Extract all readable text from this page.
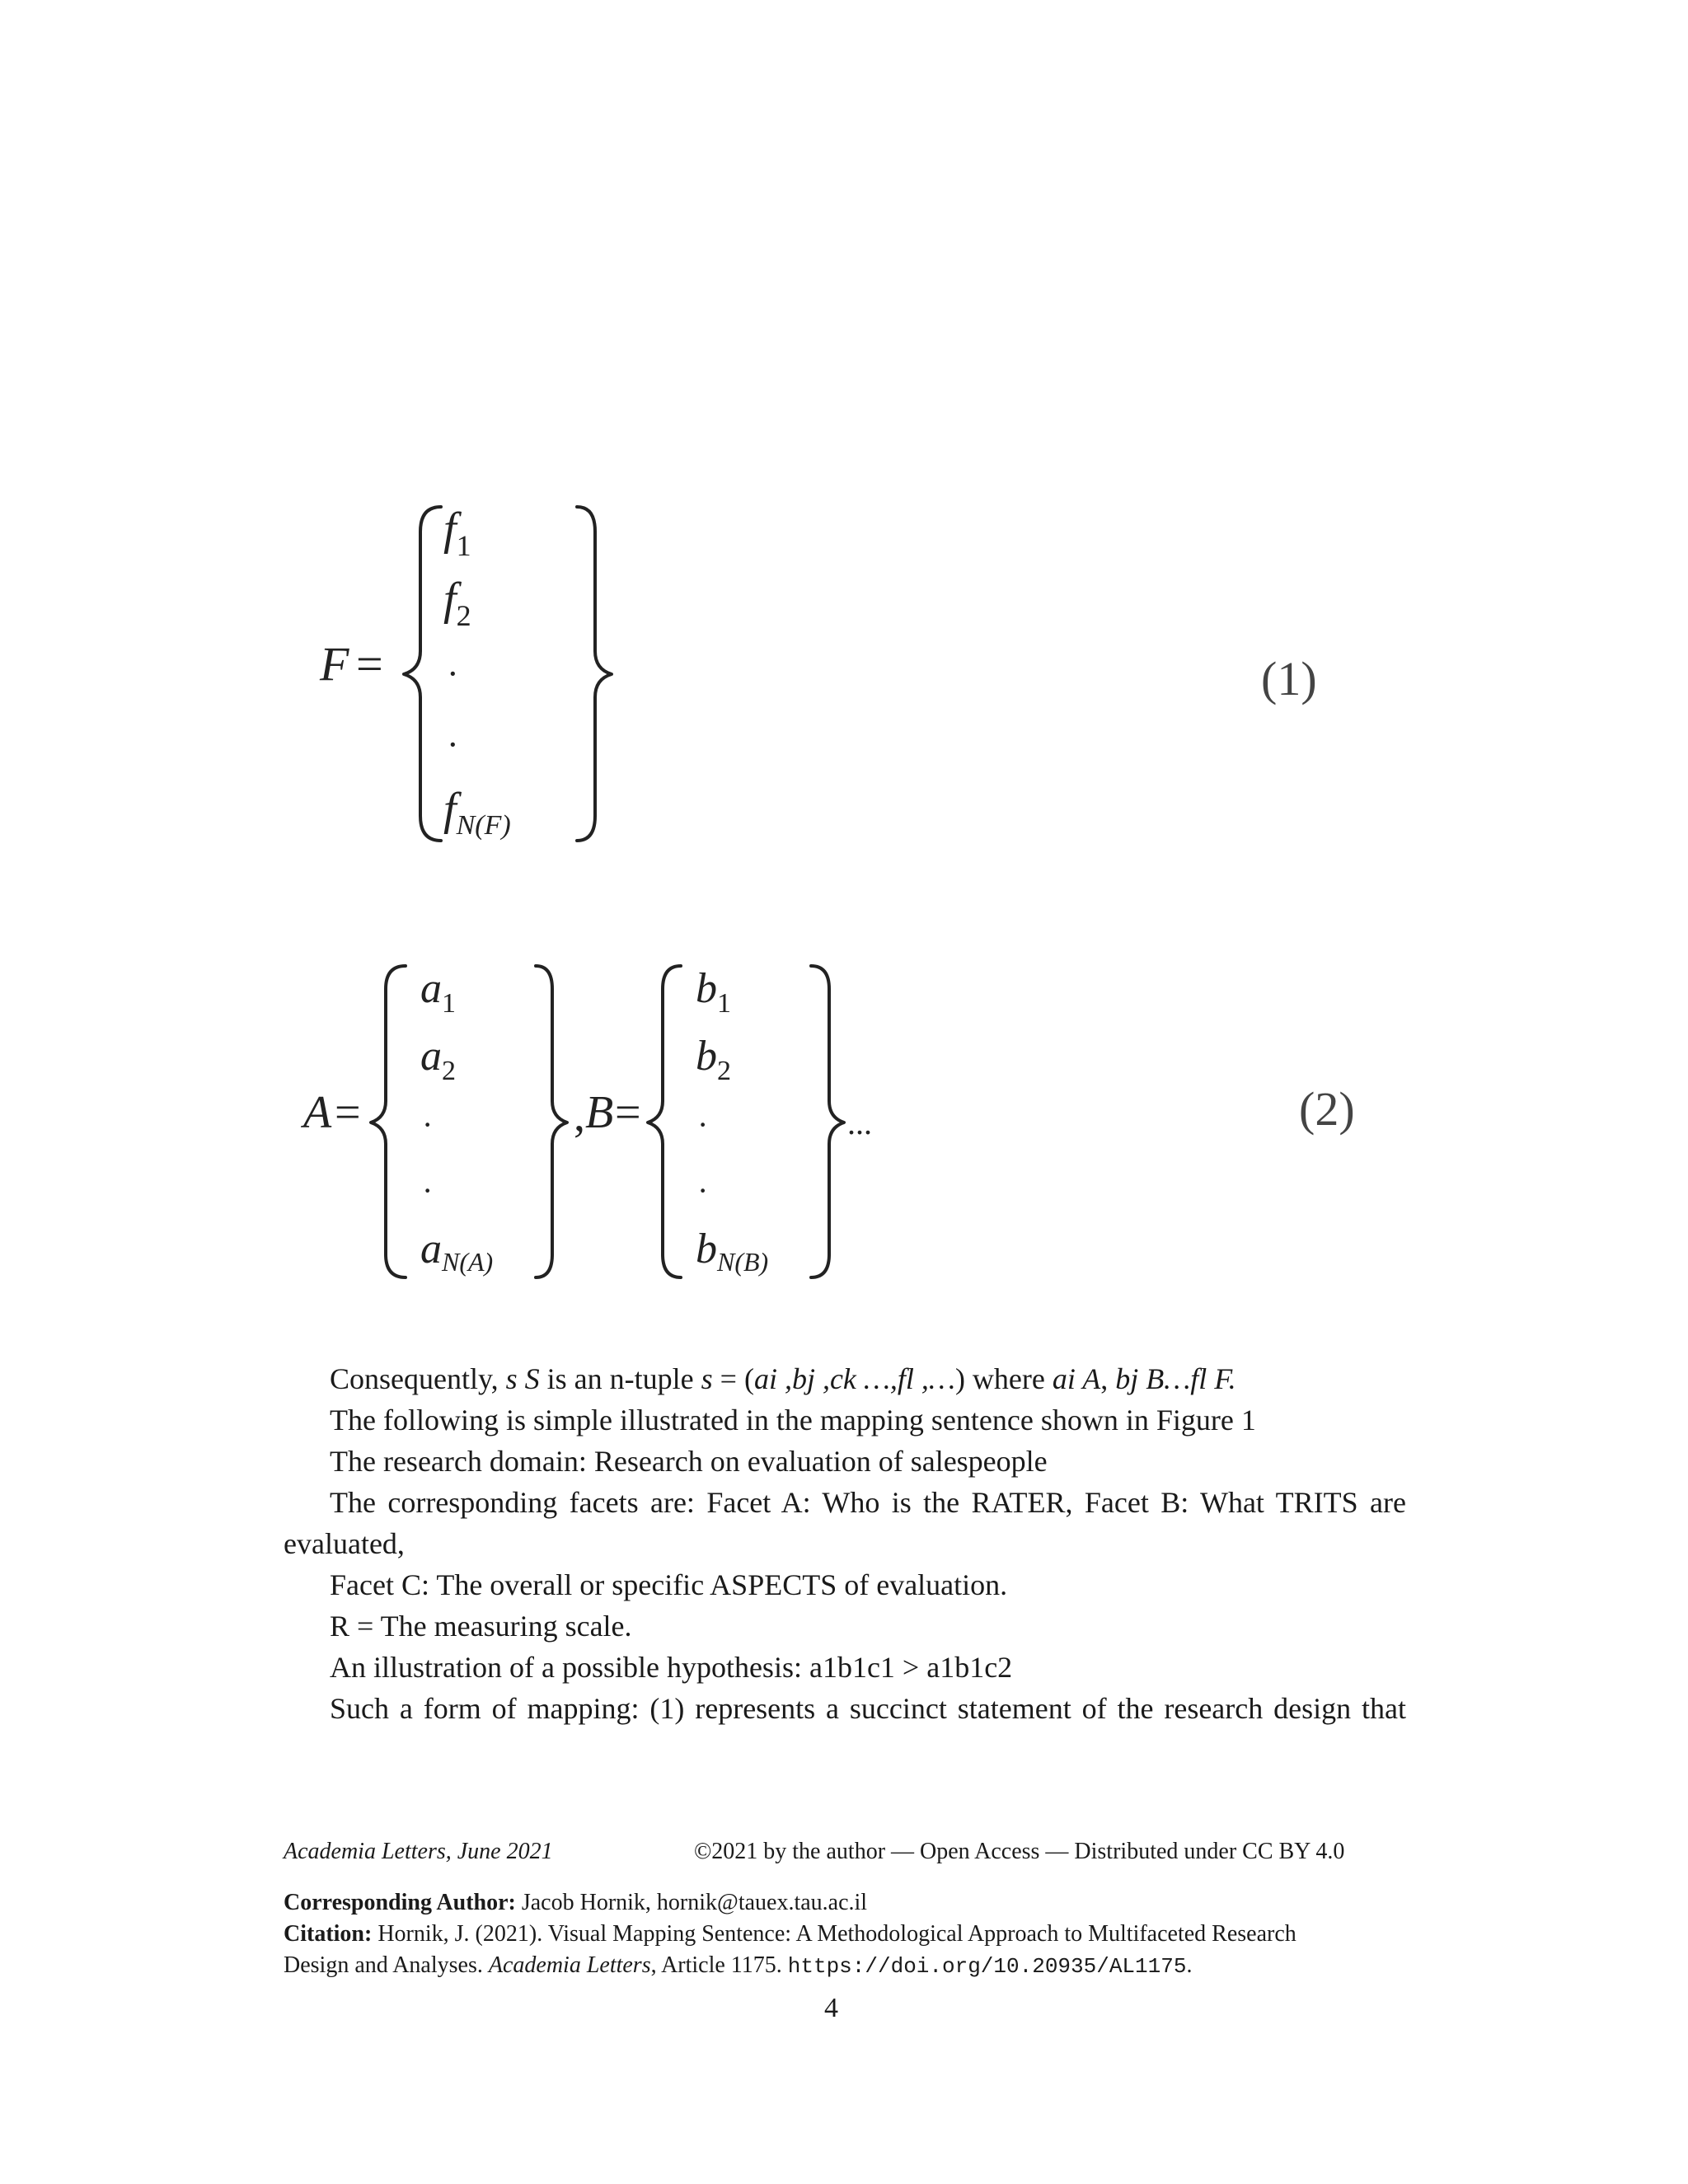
F =
$f_1$
$f_2$
·
·
$f_{N(F)}$
(1)
A =
$a_1$
$a_2$
·
·
aN(A)
, B =
$b_1$
$b_2$
·
·
bN(B)
...	(2)
Consequently, s S is an n-tuple s = (ai ,bj ,ck …,fl ,…) where ai A, bj B…fl F.
The following is simple illustrated in the mapping sentence shown in Figure 1
The research domain: Research on evaluation of salespeople
The corresponding facets are: Facet A: Who is the RATER, Facet B: What TRITS are
evaluated,
Facet C: The overall or specific ASPECTS of evaluation.
R = The measuring scale.
An illustration of a possible hypothesis: a1b1c1 > a1b1c2
Such a form of mapping: (1) represents a succinct statement of the research design that
Academia Letters, June 2021	©2021 by the author — Open Access — Distributed under CC BY 4.0
Corresponding Author: Jacob Hornik, hornik@tauex.tau.ac.il
Citation: Hornik, J. (2021). Visual Mapping Sentence: A Methodological Approach to Multifaceted Research
Design and Analyses. Academia Letters, Article 1175. https://doi.org/10.20935/AL1175.
4
